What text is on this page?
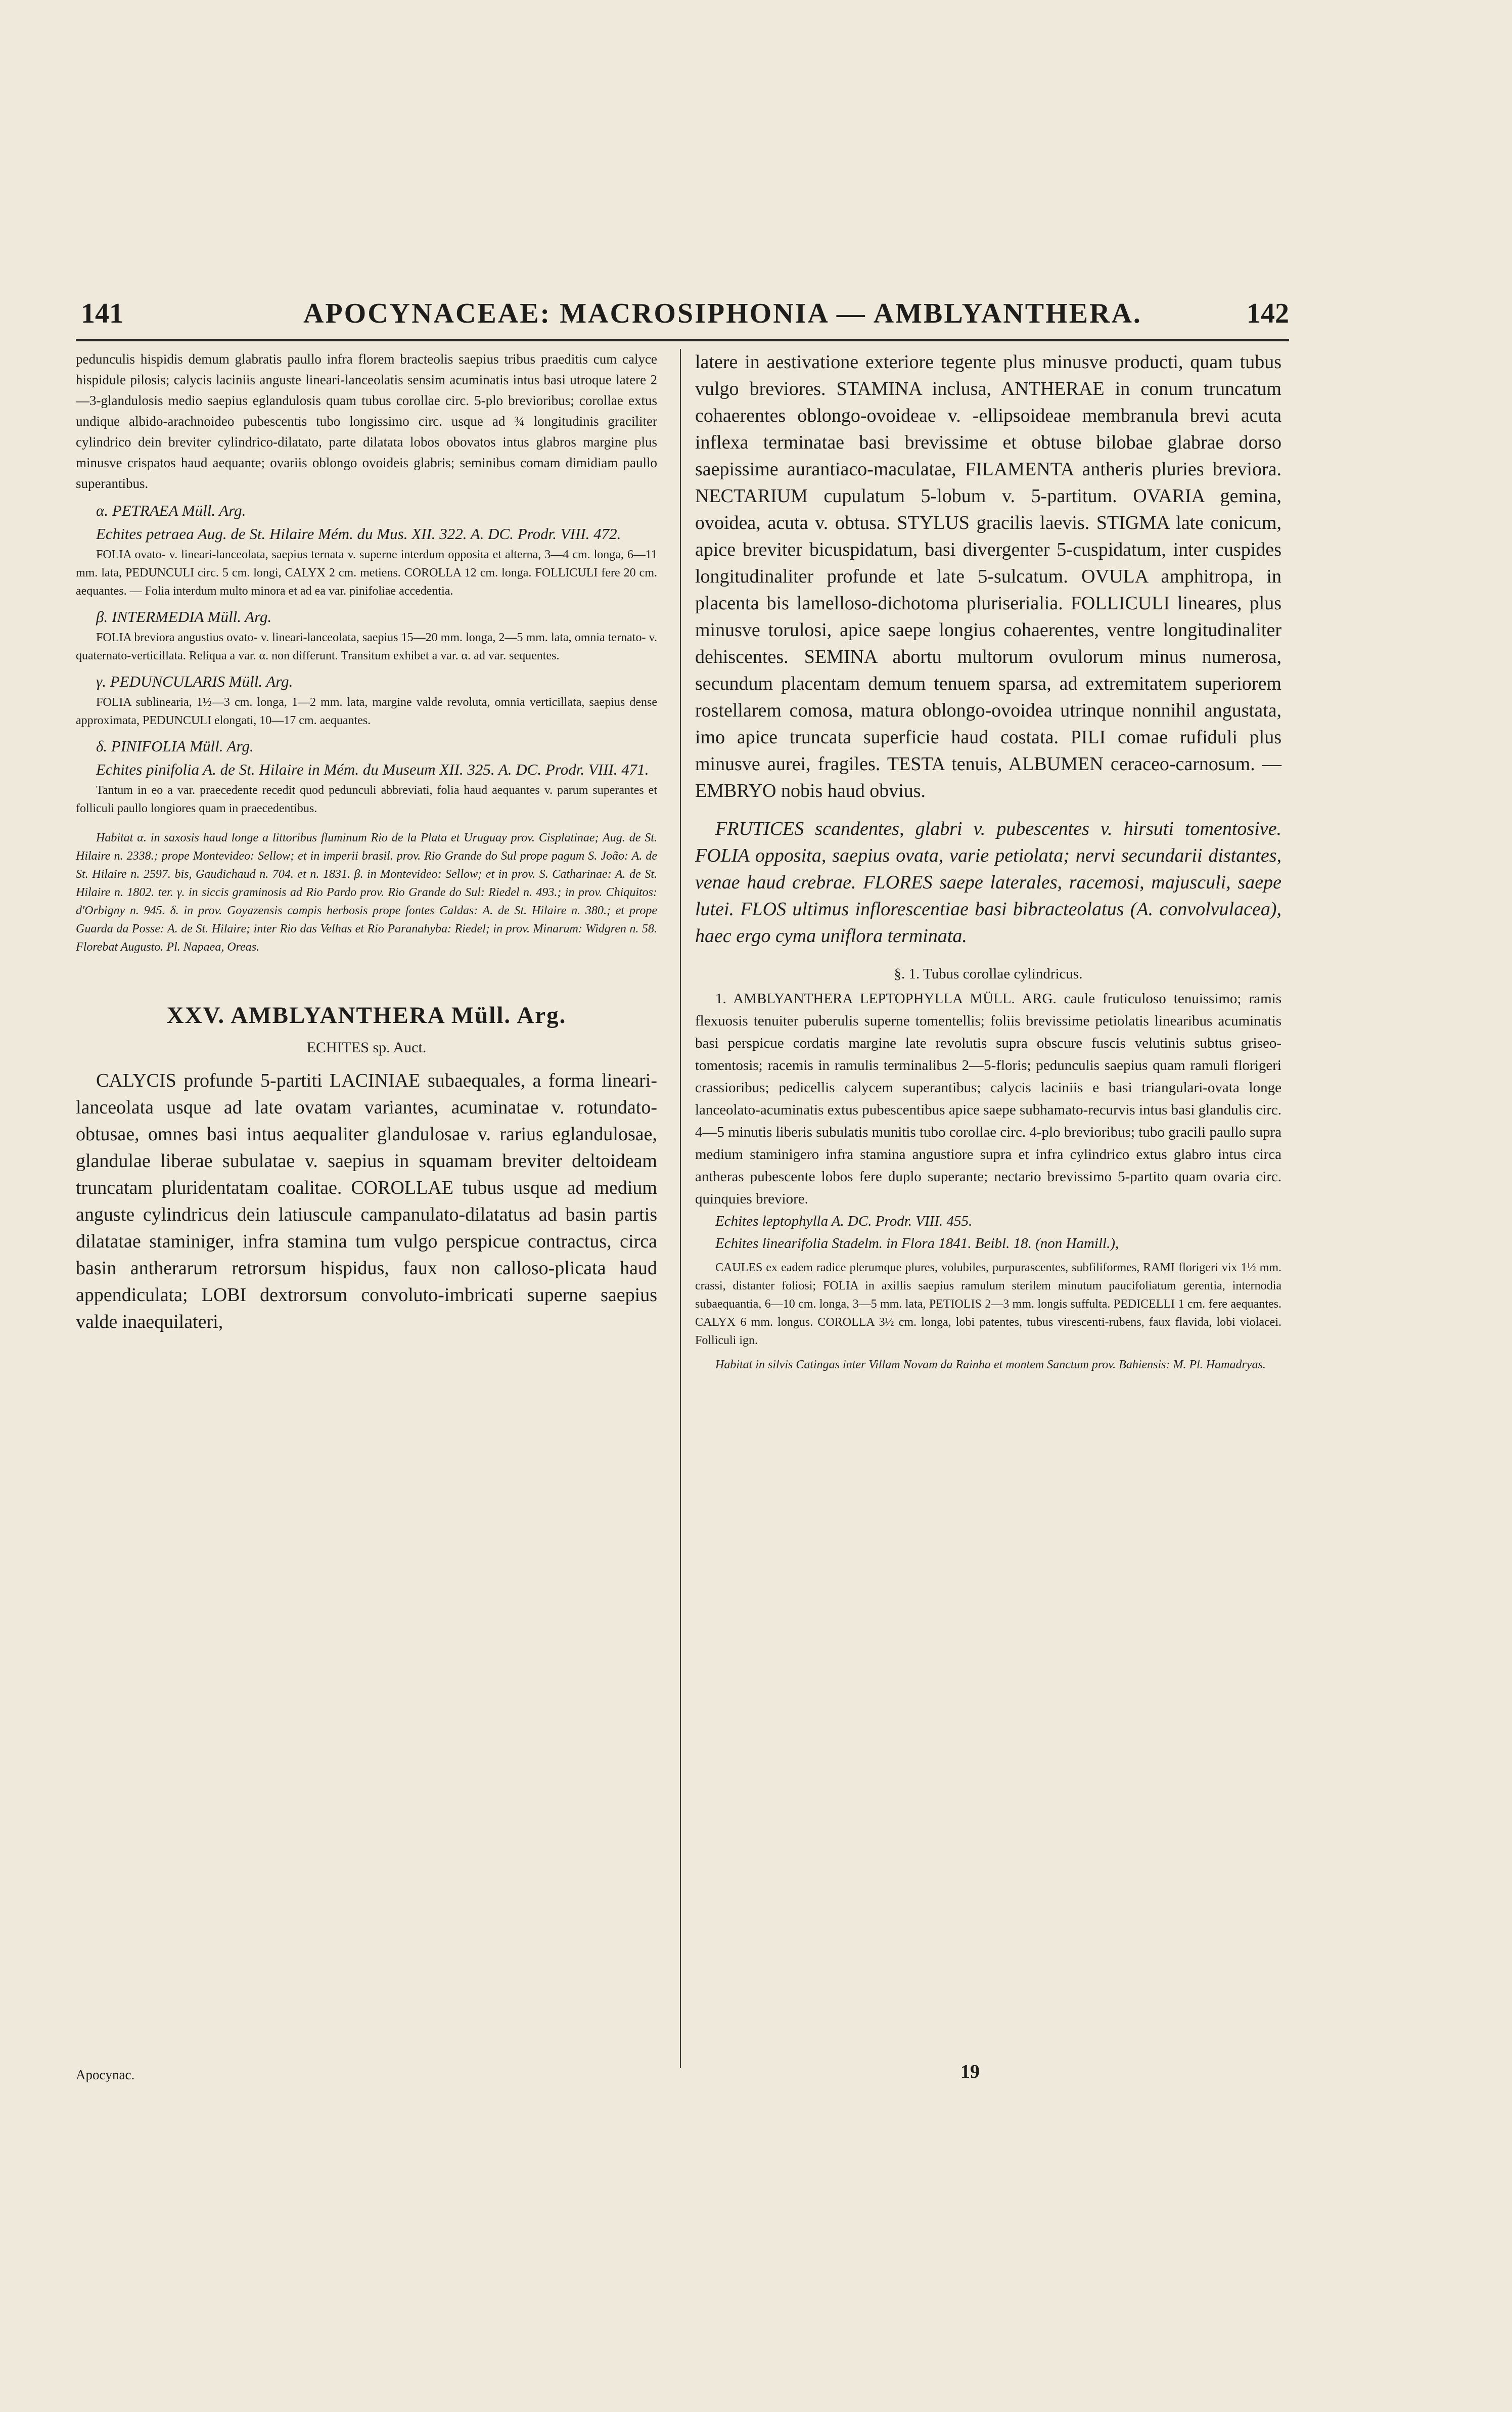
141	APOCYNACEAE: MACROSIPHONIA — AMBLYANTHERA.	142

pedunculis hispidis demum glabratis paullo infra florem bracteolis saepius tribus praeditis cum calyce hispidule pilosis; calycis laciniis anguste lineari-lanceolatis sensim acuminatis intus basi utroque latere 2—3-glandulosis medio saepius eglandulosis quam tubus corollae circ. 5-plo brevioribus; corollae extus undique albido-arachnoideo pubescentis tubo longissimo circ. usque ad ¾ longitudinis graciliter cylindrico dein breviter cylindrico-dilatato, parte dilatata lobos obovatos intus glabros margine plus minusve crispatos haud aequante; ovariis oblongo ovoideis glabris; seminibus comam dimidiam paullo superantibus.

α. PETRAEA Müll. Arg.

Echites petraea Aug. de St. Hilaire Mém. du Mus. XII. 322. A. DC. Prodr. VIII. 472.

FOLIA ovato- v. lineari-lanceolata, saepius ternata v. superne interdum opposita et alterna, 3—4 cm. longa, 6—11 mm. lata, PEDUNCULI circ. 5 cm. longi, CALYX 2 cm. metiens. COROLLA 12 cm. longa. FOLLICULI fere 20 cm. aequantes. — Folia interdum multo minora et ad ea var. pinifoliae accedentia.

β. INTERMEDIA Müll. Arg.

FOLIA breviora angustius ovato- v. lineari-lanceolata, saepius 15—20 mm. longa, 2—5 mm. lata, omnia ternato- v. quaternato-verticillata. Reliqua a var. α. non differunt. Transitum exhibet a var. α. ad var. sequentes.

γ. PEDUNCULARIS Müll. Arg.

FOLIA sublinearia, 1½—3 cm. longa, 1—2 mm. lata, margine valde revoluta, omnia verticillata, saepius dense approximata, PEDUNCULI elongati, 10—17 cm. aequantes.

δ. PINIFOLIA Müll. Arg.

Echites pinifolia A. de St. Hilaire in Mém. du Museum XII. 325. A. DC. Prodr. VIII. 471.

Tantum in eo a var. praecedente recedit quod pedunculi abbreviati, folia haud aequantes v. parum superantes et folliculi paullo longiores quam in praecedentibus.

Habitat α. in saxosis haud longe a littoribus fluminum Rio de la Plata et Uruguay prov. Cisplatinae; Aug. de St. Hilaire n. 2338.; prope Montevideo: Sellow; et in imperii brasil. prov. Rio Grande do Sul prope pagum S. João: A. de St. Hilaire n. 2597. bis, Gaudichaud n. 704. et n. 1831. β. in Montevideo: Sellow; et in prov. S. Catharinae: A. de St. Hilaire n. 1802. ter. γ. in siccis graminosis ad Rio Pardo prov. Rio Grande do Sul: Riedel n. 493.; in prov. Chiquitos: d'Orbigny n. 945. δ. in prov. Goyazensis campis herbosis prope fontes Caldas: A. de St. Hilaire n. 380.; et prope Guarda da Posse: A. de St. Hilaire; inter Rio das Velhas et Rio Paranahyba: Riedel; in prov. Minarum: Widgren n. 58. Florebat Augusto. Pl. Napaea, Oreas.

XXV. AMBLYANTHERA Müll. Arg.
ECHITES sp. Auct.

CALYCIS profunde 5-partiti LACINIAE subaequales, a forma lineari-lanceolata usque ad late ovatam variantes, acuminatae v. rotundato-obtusae, omnes basi intus aequaliter glandulosae v. rarius eglandulosae, glandulae liberae subulatae v. saepius in squamam breviter deltoideam truncatam pluridentatam coalitae. COROLLAE tubus usque ad medium anguste cylindricus dein latiuscule campanulato-dilatatus ad basin partis dilatatae staminiger, infra stamina tum vulgo perspicue contractus, circa basin antherarum retrorsum hispidus, faux non calloso-plicata haud appendiculata; LOBI dextrorsum convoluto-imbricati superne saepius valde inaequilateri,

latere in aestivatione exteriore tegente plus minusve producti, quam tubus vulgo breviores. STAMINA inclusa, ANTHERAE in conum truncatum cohaerentes oblongo-ovoideae v. -ellipsoideae membranula brevi acuta inflexa terminatae basi brevissime et obtuse bilobae glabrae dorso saepissime aurantiaco-maculatae, FILAMENTA antheris pluries breviora. NECTARIUM cupulatum 5-lobum v. 5-partitum. OVARIA gemina, ovoidea, acuta v. obtusa. STYLUS gracilis laevis. STIGMA late conicum, apice breviter bicuspidatum, basi divergenter 5-cuspidatum, inter cuspides longitudinaliter profunde et late 5-sulcatum. OVULA amphitropa, in placenta bis lamelloso-dichotoma pluriserialia. FOLLICULI lineares, plus minusve torulosi, apice saepe longius cohaerentes, ventre longitudinaliter dehiscentes. SEMINA abortu multorum ovulorum minus numerosa, secundum placentam demum tenuem sparsa, ad extremitatem superiorem rostellarem comosa, matura oblongo-ovoidea utrinque nonnihil angustata, imo apice truncata superficie haud costata. PILI comae rufiduli plus minusve aurei, fragiles. TESTA tenuis, ALBUMEN ceraceo-carnosum. — EMBRYO nobis haud obvius.

FRUTICES scandentes, glabri v. pubescentes v. hirsuti tomentosive. FOLIA opposita, saepius ovata, varie petiolata; nervi secundarii distantes, venae haud crebrae. FLORES saepe laterales, racemosi, majusculi, saepe lutei. FLOS ultimus inflorescentiae basi bibracteolatus (A. convolvulacea), haec ergo cyma uniflora terminata.

§. 1. Tubus corollae cylindricus.

1. AMBLYANTHERA LEPTOPHYLLA MÜLL. ARG. caule fruticuloso tenuissimo; ramis flexuosis tenuiter puberulis superne tomentellis; foliis brevissime petiolatis linearibus acuminatis basi perspicue cordatis margine late revolutis supra obscure fuscis velutinis subtus griseo-tomentosis; racemis in ramulis terminalibus 2—5-floris; pedunculis saepius quam ramuli florigeri crassioribus; pedicellis calycem superantibus; calycis laciniis e basi triangulari-ovata longe lanceolato-acuminatis extus pubescentibus apice saepe subhamato-recurvis intus basi glandulis circ. 4—5 minutis liberis subulatis munitis tubo corollae circ. 4-plo brevioribus; tubo gracili paullo supra medium staminigero infra stamina angustiore supra et infra cylindrico extus glabro intus circa antheras pubescente lobos fere duplo superante; nectario brevissimo 5-partito quam ovaria circ. quinquies breviore.

Echites leptophylla A. DC. Prodr. VIII. 455.

Echites linearifolia Stadelm. in Flora 1841. Beibl. 18. (non Hamill.),

CAULES ex eadem radice plerumque plures, volubiles, purpurascentes, subfiliformes, RAMI florigeri vix 1½ mm. crassi, distanter foliosi; FOLIA in axillis saepius ramulum sterilem minutum paucifoliatum gerentia, internodia subaequantia, 6—10 cm. longa, 3—5 mm. lata, PETIOLIS 2—3 mm. longis suffulta. PEDICELLI 1 cm. fere aequantes. CALYX 6 mm. longus. COROLLA 3½ cm. longa, lobi patentes, tubus virescenti-rubens, faux flavida, lobi violacei. Folliculi ign.

Habitat in silvis Catingas inter Villam Novam da Rainha et montem Sanctum prov. Bahiensis: M. Pl. Hamadryas.

Apocynac.	19
